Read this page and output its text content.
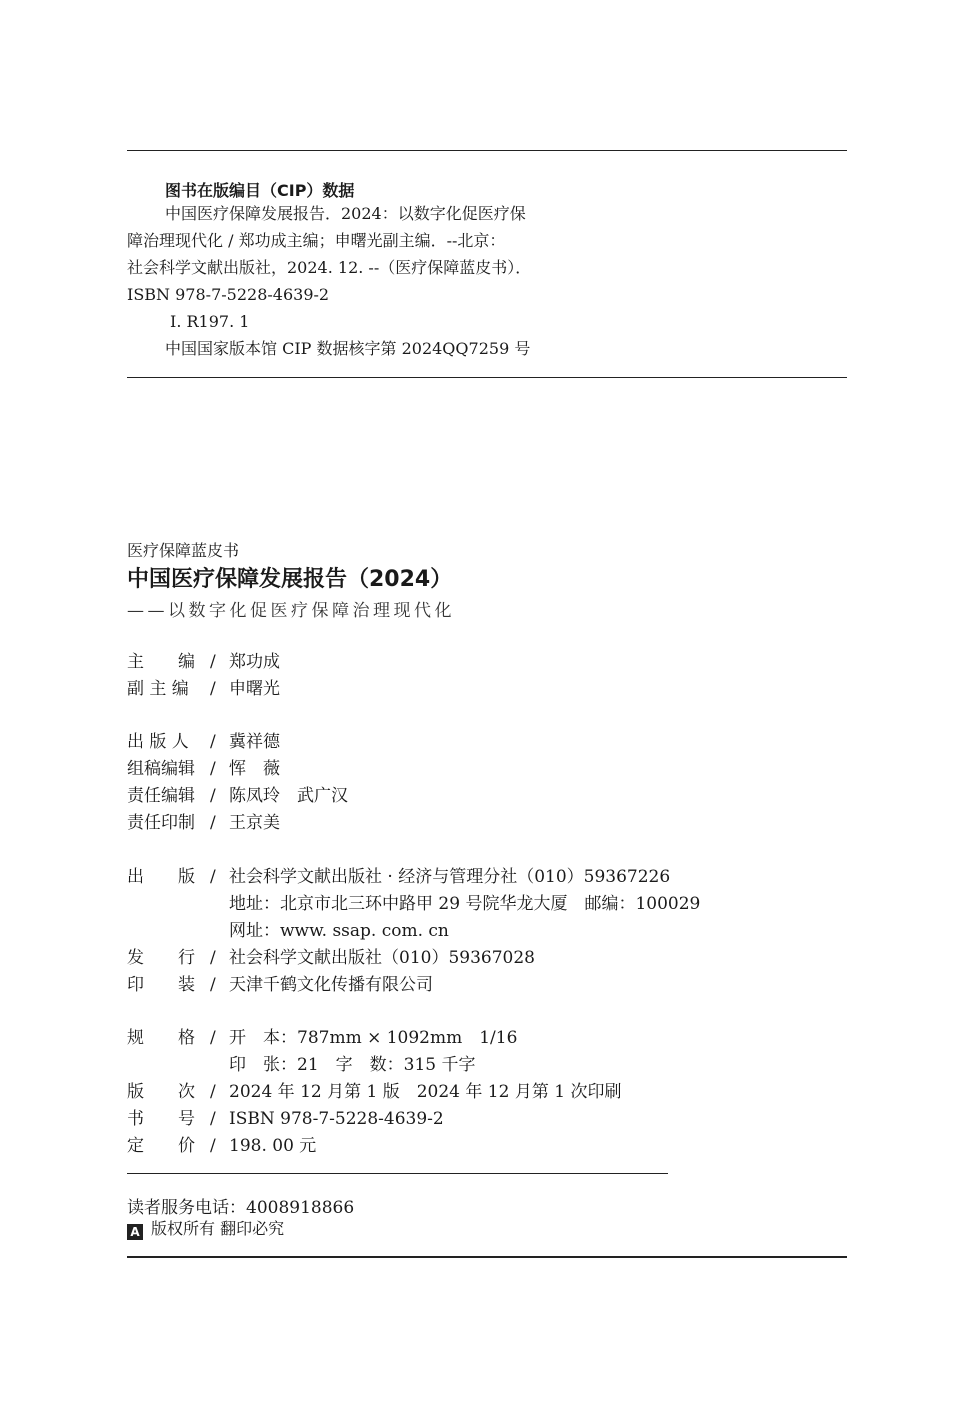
图书在版编目（CIP）数据
中国医疗保障发展报告．2024：以数字化促医疗保
障治理现代化 / 郑功成主编；申曙光副主编．--北京：
社会科学文献出版社，2024. 12. --（医疗保障蓝皮书）．
ISBN 978-7-5228-4639-2
Ⅰ. R197. 1
中国国家版本馆 CIP 数据核字第 2024QQ7259 号
医疗保障蓝皮书
中国医疗保障发展报告（2024）
——以数字化促医疗保障治理现代化
主　　编 / 郑功成
副 主 编 / 申曙光
出 版 人 / 冀祥德
组稿编辑 / 恽　薇
责任编辑 / 陈凤玲　武广汉
责任印制 / 王京美
出　　版 / 社会科学文献出版社 · 经济与管理分社（010）59367226
地址：北京市北三环中路甲 29 号院华龙大厦　邮编：100029
网址：www. ssap. com. cn
发　　行 / 社会科学文献出版社（010）59367028
印　　装 / 天津千鹤文化传播有限公司
规　　格 / 开　本：787mm × 1092mm　1/16
印　张：21　字　数：315 千字
版　　次 / 2024 年 12 月第 1 版　2024 年 12 月第 1 次印刷
书　　号 / ISBN 978-7-5228-4639-2
定　　价 / 198. 00 元
读者服务电话：4008918866
A 版权所有 翻印必究
